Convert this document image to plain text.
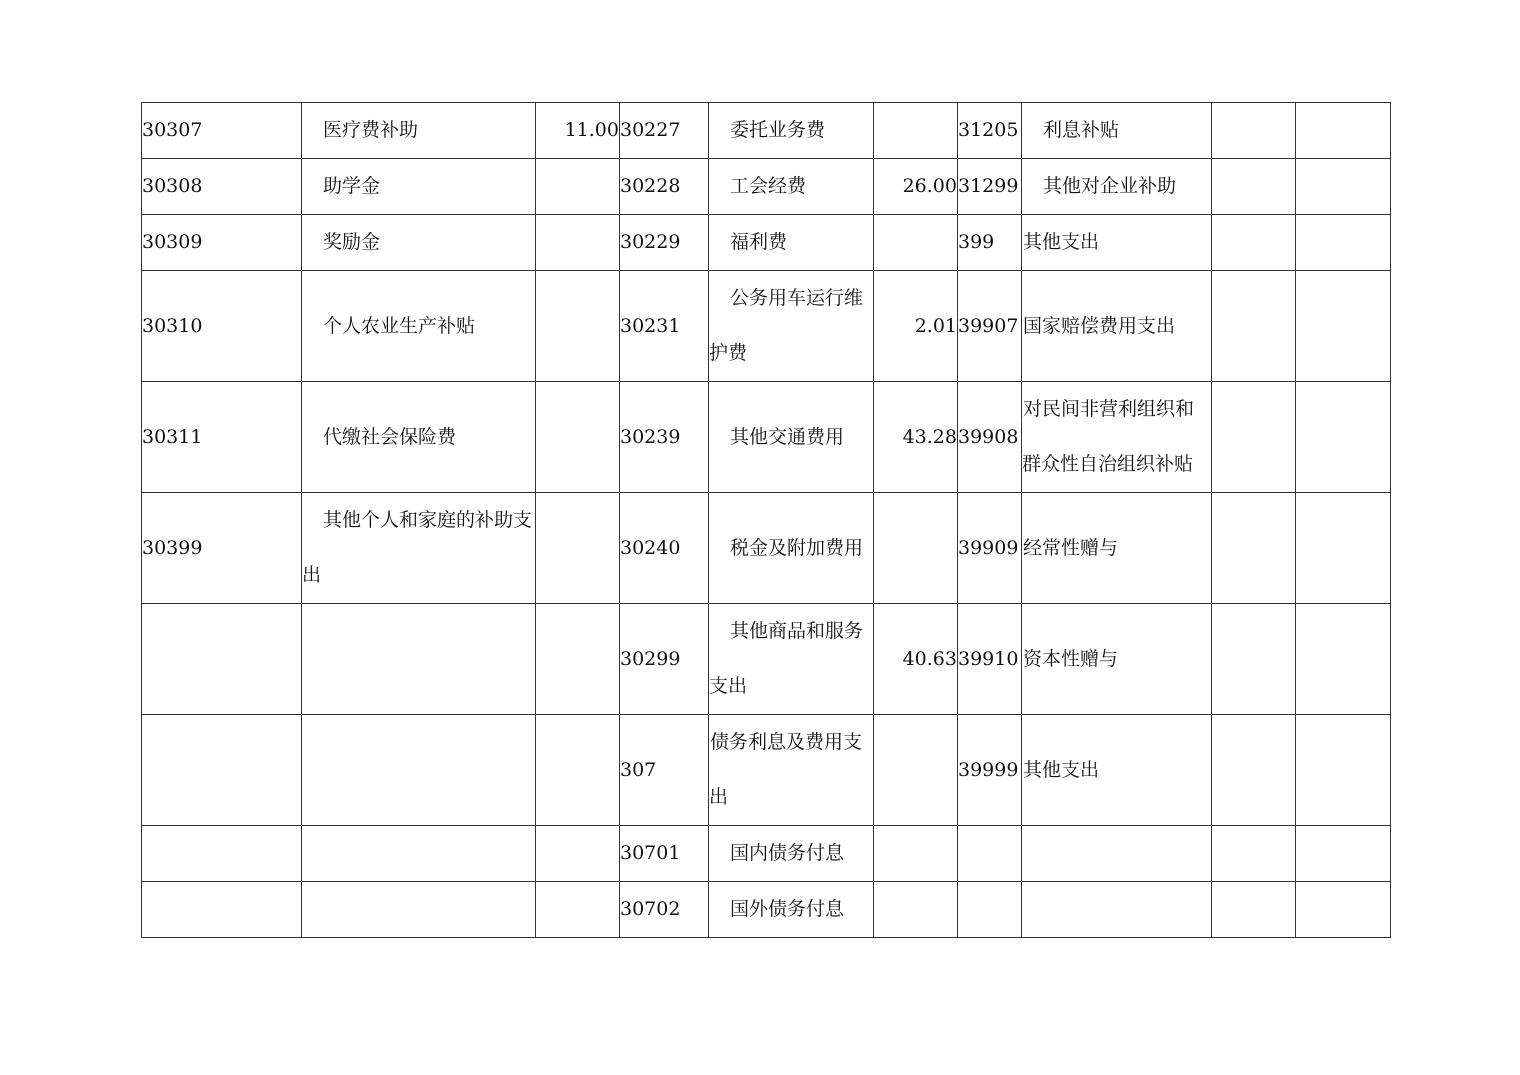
30307	医疗费补助	11.00	30227	委托业务费		31205	利息补贴		
30308	助学金		30228	工会经费	26.00	31299	其他对企业补助		
30309	奖励金		30229	福利费		399	其他支出		
30310	个人农业生产补贴		30231	公务用车运行维护费	2.01	39907	国家赔偿费用支出		
30311	代缴社会保险费		30239	其他交通费用	43.28	39908	对民间非营利组织和群众性自治组织补贴		
30399	其他个人和家庭的补助支出		30240	税金及附加费用		39909	经常性赠与		
			30299	其他商品和服务支出	40.63	39910	资本性赠与		
			307	债务利息及费用支出		39999	其他支出		
			30701	国内债务付息					
			30702	国外债务付息					
